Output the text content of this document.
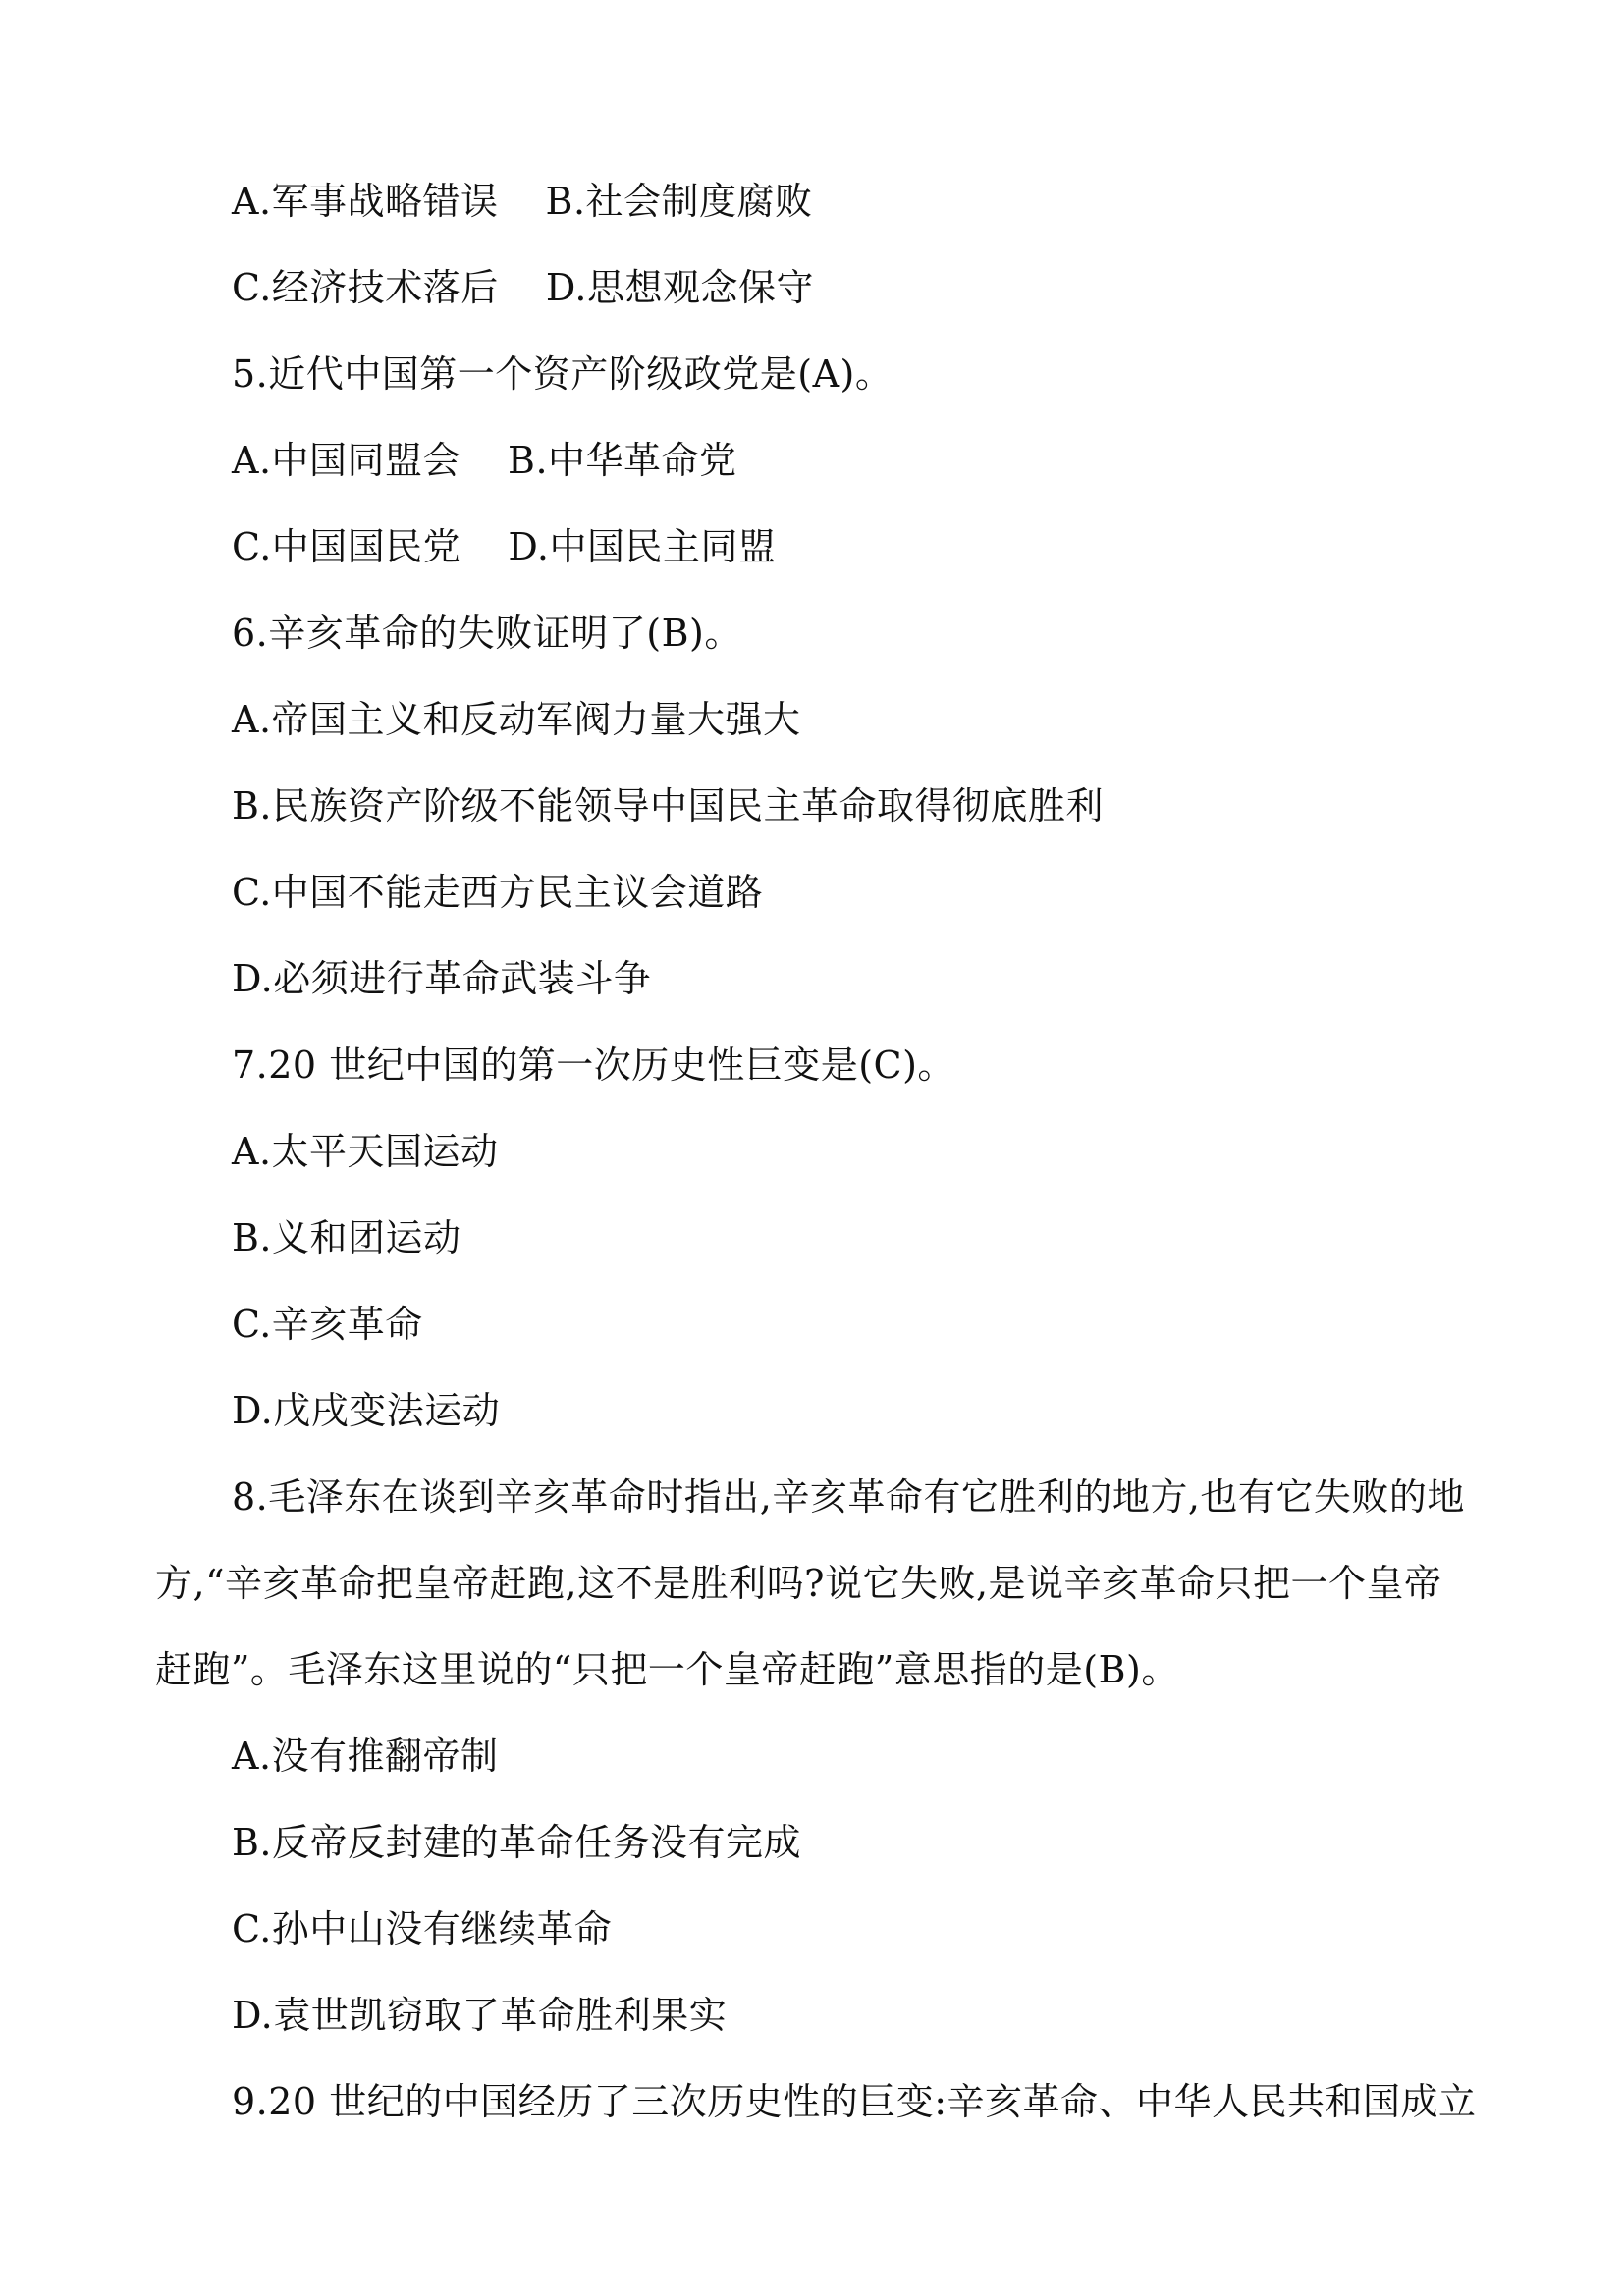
A.军事战略错误 B.社会制度腐败
C.经济技术落后 D.思想观念保守
5.近代中国第一个资产阶级政党是(A)。
A.中国同盟会 B.中华革命党
C.中国国民党 D.中国民主同盟
6.辛亥革命的失败证明了(B)。
A.帝国主义和反动军阀力量大强大
B.民族资产阶级不能领导中国民主革命取得彻底胜利
C.中国不能走西方民主议会道路
D.必须进行革命武装斗争
7.20 世纪中国的第一次历史性巨变是(C)。
A.太平天国运动
B.义和团运动
C.辛亥革命
D.戊戌变法运动
8.毛泽东在谈到辛亥革命时指出,辛亥革命有它胜利的地方,也有它失败的地
方,“辛亥革命把皇帝赶跑,这不是胜利吗?说它失败,是说辛亥革命只把一个皇帝
赶跑”。毛泽东这里说的“只把一个皇帝赶跑”意思指的是(B)。
A.没有推翻帝制
B.反帝反封建的革命任务没有完成
C.孙中山没有继续革命
D.袁世凯窃取了革命胜利果实
9.20 世纪的中国经历了三次历史性的巨变:辛亥革命、中华人民共和国成立
